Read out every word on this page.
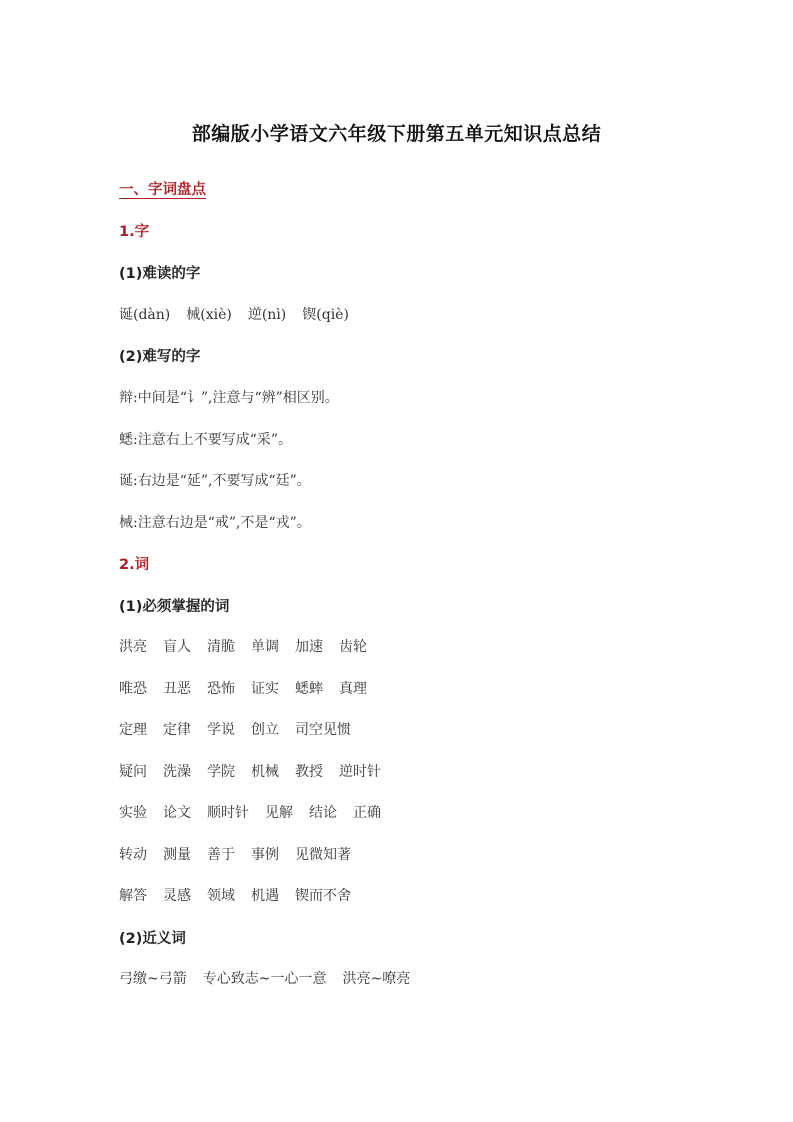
部编版小学语文六年级下册第五单元知识点总结
一、字词盘点
1.字
(1)难读的字
诞(dàn) 械(xiè) 逆(nì) 锲(qiè)
(2)难写的字
辩:中间是“讠”,注意与“辨”相区别。
蟋:注意右上不要写成“采”。
诞:右边是“延”,不要写成“廷”。
械:注意右边是“戒”,不是“戎”。
2.词
(1)必须掌握的词
洪亮 盲人 清脆 单调 加速 齿轮
唯恐 丑恶 恐怖 证实 蟋蟀 真理
定理 定律 学说 创立 司空见惯
疑问 洗澡 学院 机械 教授 逆时针
实验 论文 顺时针 见解 结论 正确
转动 测量 善于 事例 见微知著
解答 灵感 领域 机遇 锲而不舍
(2)近义词
弓缴~弓箭 专心致志~一心一意 洪亮~嘹亮
